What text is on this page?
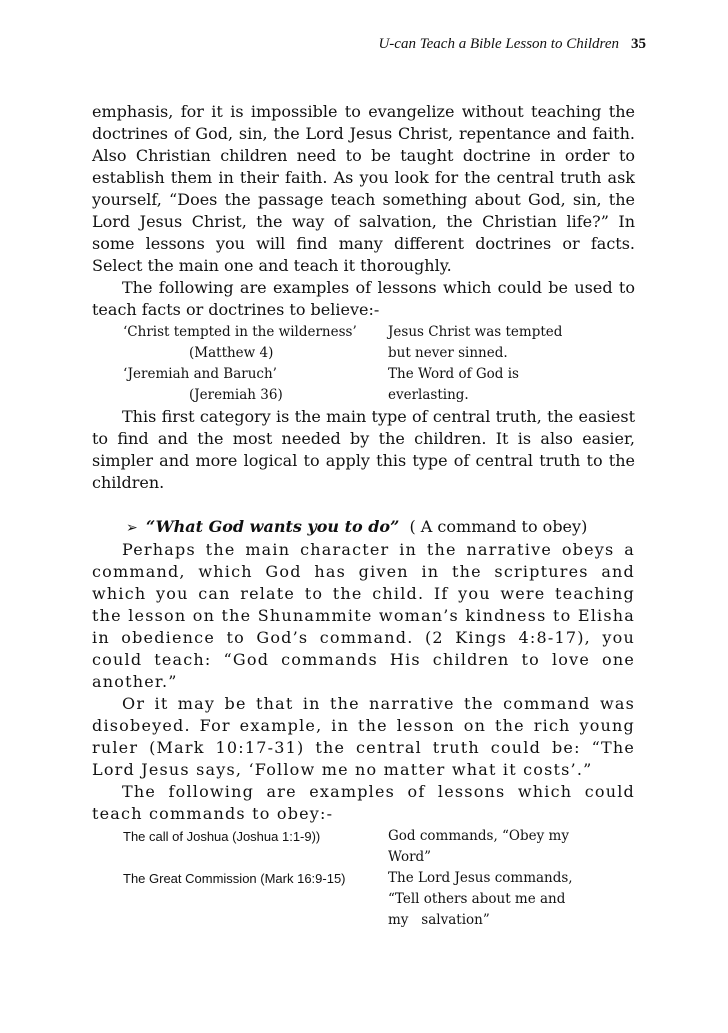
U-can Teach a Bible Lesson to Children 35

emphasis, for it is impossible to evangelize without teaching the doctrines of God, sin, the Lord Jesus Christ, repentance and faith. Also Christian children need to be taught doctrine in order to establish them in their faith. As you look for the central truth ask yourself, “Does the passage teach something about God, sin, the Lord Jesus Christ, the way of salvation, the Christian life?” In some lessons you will find many different doctrines or facts. Select the main one and teach it thoroughly.

The following are examples of lessons which could be used to teach facts or doctrines to believe:-

‘Christ tempted in the wilderness’	Jesus Christ was tempted
(Matthew 4)	but never sinned.
‘Jeremiah and Baruch’	The Word of God is
(Jeremiah 36)	everlasting.

This first category is the main type of central truth, the easiest to find and the most needed by the children. It is also easier, simpler and more logical to apply this type of central truth to the children.

➢ “What God wants you to do” ( A command to obey)

Perhaps the main character in the narrative obeys a command, which God has given in the scriptures and which you can relate to the child. If you were teaching the lesson on the Shunammite woman’s kindness to Elisha in obedience to God’s command. (2 Kings 4:8-17), you could teach: “God commands His children to love one another.”

Or it may be that in the narrative the command was disobeyed. For example, in the lesson on the rich young ruler (Mark 10:17-31) the central truth could be: “The Lord Jesus says, ‘Follow me no matter what it costs’.”

The following are examples of lessons which could teach commands to obey:-

The call of Joshua (Joshua 1:1-9))	God commands, “Obey my
Word”
The Great Commission (Mark 16:9-15)	The Lord Jesus commands,
“Tell others about me and
my   salvation”
